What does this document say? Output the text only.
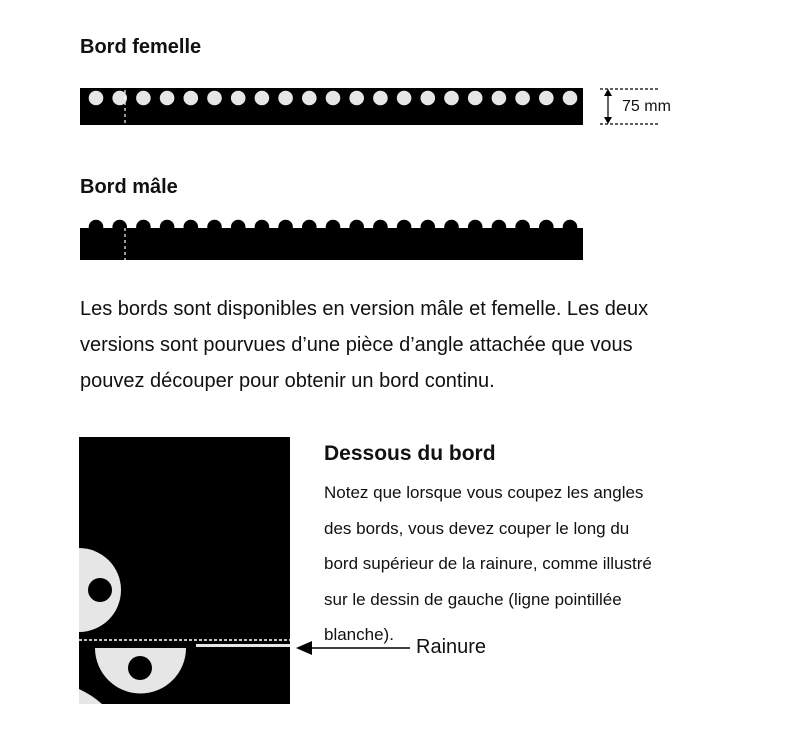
Bord femelle
75 mm
Bord mâle
Les bords sont disponibles en version mâle et femelle. Les deux
versions sont pourvues d’une pièce d’angle attachée que vous
pouvez découper pour obtenir un bord continu.
Dessous du bord
Notez que lorsque vous coupez les angles
des bords, vous devez couper le long du
bord supérieur de la rainure, comme illustré
sur le dessin de gauche (ligne pointillée
blanche).
Rainure
